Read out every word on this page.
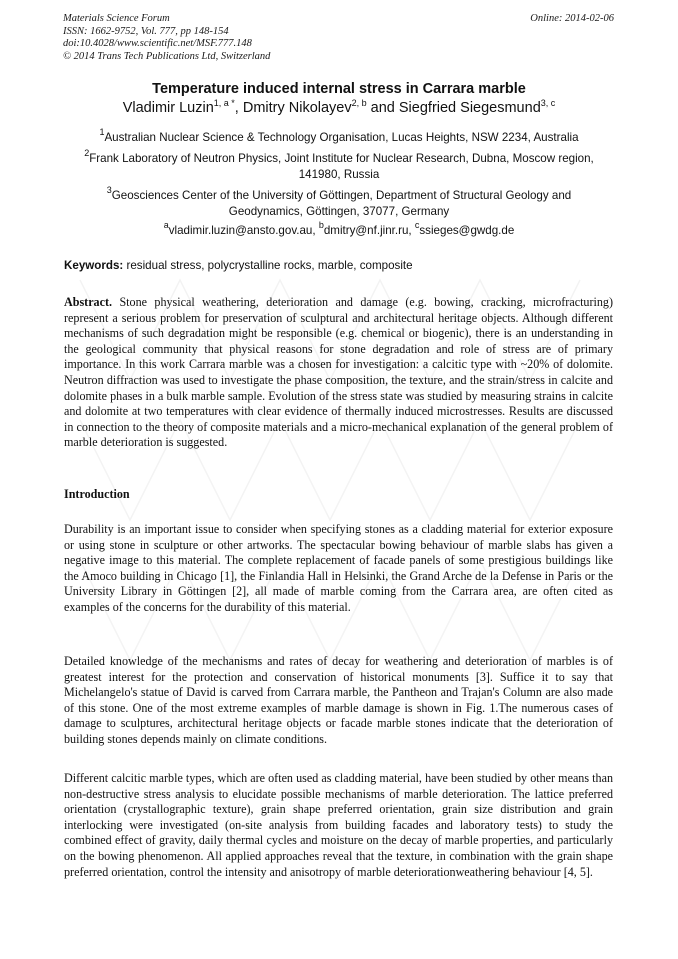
Materials Science Forum
ISSN: 1662-9752, Vol. 777, pp 148-154
doi:10.4028/www.scientific.net/MSF.777.148
© 2014 Trans Tech Publications Ltd, Switzerland
Online: 2014-02-06
Temperature induced internal stress in Carrara marble
Vladimir Luzin$^{1, a *}$, Dmitry Nikolayev$^{2, b}$ and Siegfried Siegesmund$^{3, c}$
$^1$Australian Nuclear Science & Technology Organisation, Lucas Heights, NSW 2234, Australia
$^2$Frank Laboratory of Neutron Physics, Joint Institute for Nuclear Research, Dubna, Moscow region, 141980, Russia
$^3$Geosciences Center of the University of Göttingen, Department of Structural Geology and Geodynamics, Göttingen, 37077, Germany
$^a$vladimir.luzin@ansto.gov.au, $^b$dmitry@nf.jinr.ru, $^c$ssieges@gwdg.de
Keywords: residual stress, polycrystalline rocks, marble, composite

Abstract. Stone physical weathering, deterioration and damage (e.g. bowing, cracking, microfracturing) represent a serious problem for preservation of sculptural and architectural heritage objects. Although different mechanisms of such degradation might be responsible (e.g. chemical or biogenic), there is an understanding in the geological community that physical reasons for stone degradation and role of stress are of primary importance. In this work Carrara marble was a chosen for investigation: a calcitic type with ~20% of dolomite. Neutron diffraction was used to investigate the phase composition, the texture, and the strain/stress in calcite and dolomite phases in a bulk marble sample. Evolution of the stress state was studied by measuring strains in calcite and dolomite at two temperatures with clear evidence of thermally induced microstresses. Results are discussed in connection to the theory of composite materials and a micro-mechanical explanation of the general problem of marble deterioration is suggested.

Introduction

Durability is an important issue to consider when specifying stones as a cladding material for exterior exposure or using stone in sculpture or other artworks. The spectacular bowing behaviour of marble slabs has given a negative image to this material. The complete replacement of facade panels of some prestigious buildings like the Amoco building in Chicago [1], the Finlandia Hall in Helsinki, the Grand Arche de la Defense in Paris or the University Library in Göttingen [2], all made of marble coming from the Carrara area, are often cited as examples of the concerns for the durability of this material.

Detailed knowledge of the mechanisms and rates of decay for weathering and deterioration of marbles is of greatest interest for the protection and conservation of historical monuments [3]. Suffice it to say that Michelangelo's statue of David is carved from Carrara marble, the Pantheon and Trajan's Column are also made of this stone. One of the most extreme examples of marble damage is shown in Fig. 1.The numerous cases of damage to sculptures, architectural heritage objects or facade marble stones indicate that the deterioration of building stones depends mainly on climate conditions.

Different calcitic marble types, which are often used as cladding material, have been studied by other means than non-destructive stress analysis to elucidate possible mechanisms of marble deterioration. The lattice preferred orientation (crystallographic texture), grain shape preferred orientation, grain size distribution and grain interlocking were investigated (on-site analysis from building facades and laboratory tests) to study the combined effect of gravity, daily thermal cycles and moisture on the decay of marble properties, and particularly on the bowing phenomenon. All applied approaches reveal that the texture, in combination with the grain shape preferred orientation, control the intensity and anisotropy of marble deteriorationweathering behaviour [4, 5].
